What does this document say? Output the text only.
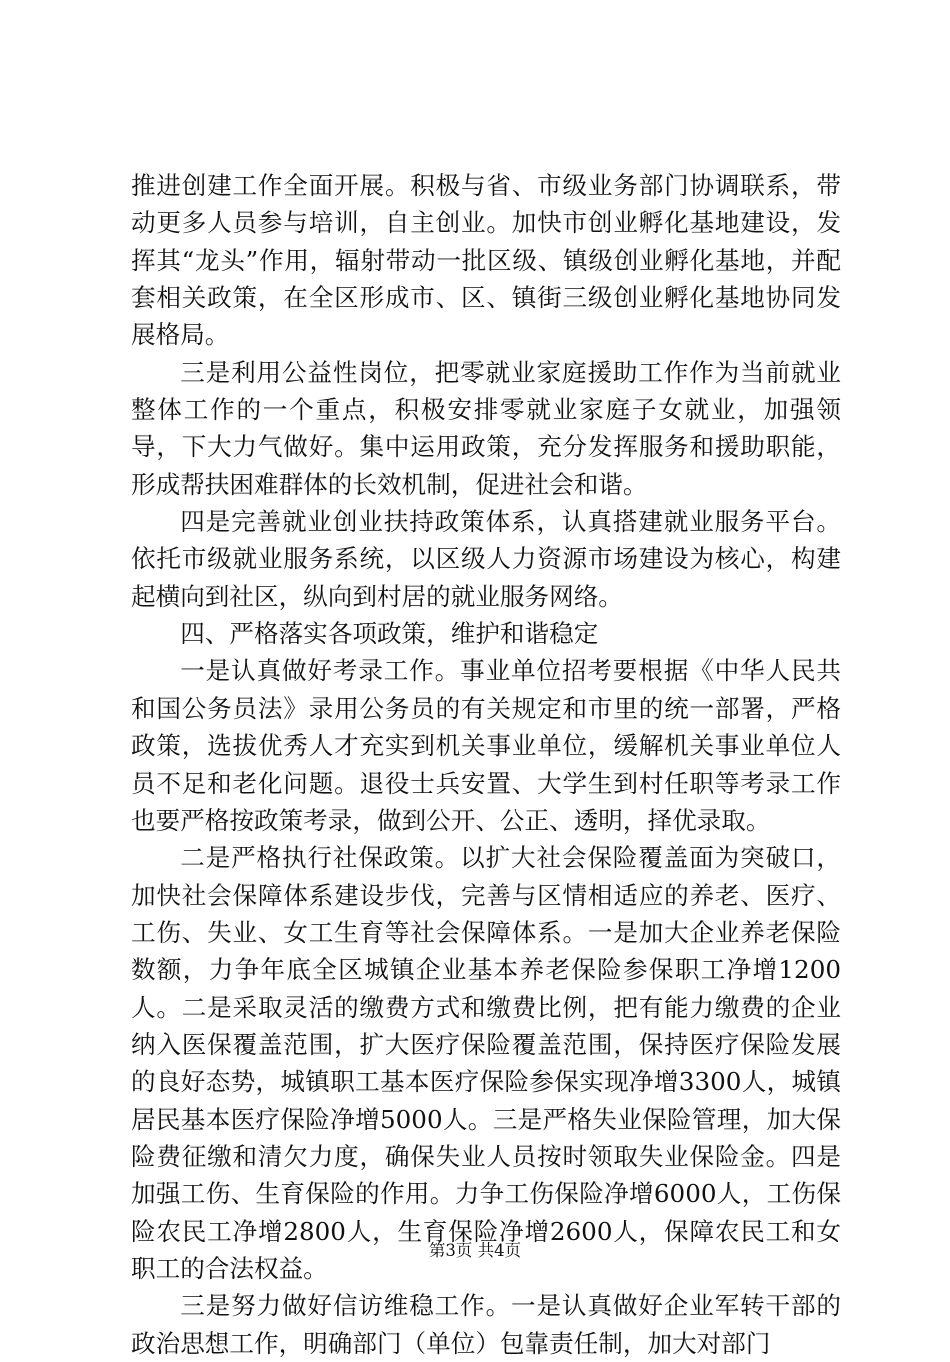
推进创建工作全面开展。积极与省、市级业务部门协调联系，带动更多人员参与培训，自主创业。加快市创业孵化基地建设，发挥其“龙头”作用，辐射带动一批区级、镇级创业孵化基地，并配套相关政策，在全区形成市、区、镇街三级创业孵化基地协同发展格局。

三是利用公益性岗位，把零就业家庭援助工作作为当前就业整体工作的一个重点，积极安排零就业家庭子女就业，加强领导，下大力气做好。集中运用政策，充分发挥服务和援助职能，形成帮扶困难群体的长效机制，促进社会和谐。

四是完善就业创业扶持政策体系，认真搭建就业服务平台。依托市级就业服务系统，以区级人力资源市场建设为核心，构建起横向到社区，纵向到村居的就业服务网络。

四、严格落实各项政策，维护和谐稳定

一是认真做好考录工作。事业单位招考要根据《中华人民共和国公务员法》录用公务员的有关规定和市里的统一部署，严格政策，选拔优秀人才充实到机关事业单位，缓解机关事业单位人员不足和老化问题。退役士兵安置、大学生到村任职等考录工作也要严格按政策考录，做到公开、公正、透明，择优录取。

二是严格执行社保政策。以扩大社会保险覆盖面为突破口，加快社会保障体系建设步伐，完善与区情相适应的养老、医疗、工伤、失业、女工生育等社会保障体系。一是加大企业养老保险数额，力争年底全区城镇企业基本养老保险参保职工净增1200人。二是采取灵活的缴费方式和缴费比例，把有能力缴费的企业纳入医保覆盖范围，扩大医疗保险覆盖范围，保持医疗保险发展的良好态势，城镇职工基本医疗保险参保实现净增3300人，城镇居民基本医疗保险净增5000人。三是严格失业保险管理，加大保险费征缴和清欠力度，确保失业人员按时领取失业保险金。四是加强工伤、生育保险的作用。力争工伤保险净增6000人，工伤保险农民工净增2800人，生育保险净增2600人，保障农民工和女职工的合法权益。

三是努力做好信访维稳工作。一是认真做好企业军转干部的政治思想工作，明确部门（单位）包靠责任制，加大对部门

第3页 共4页
